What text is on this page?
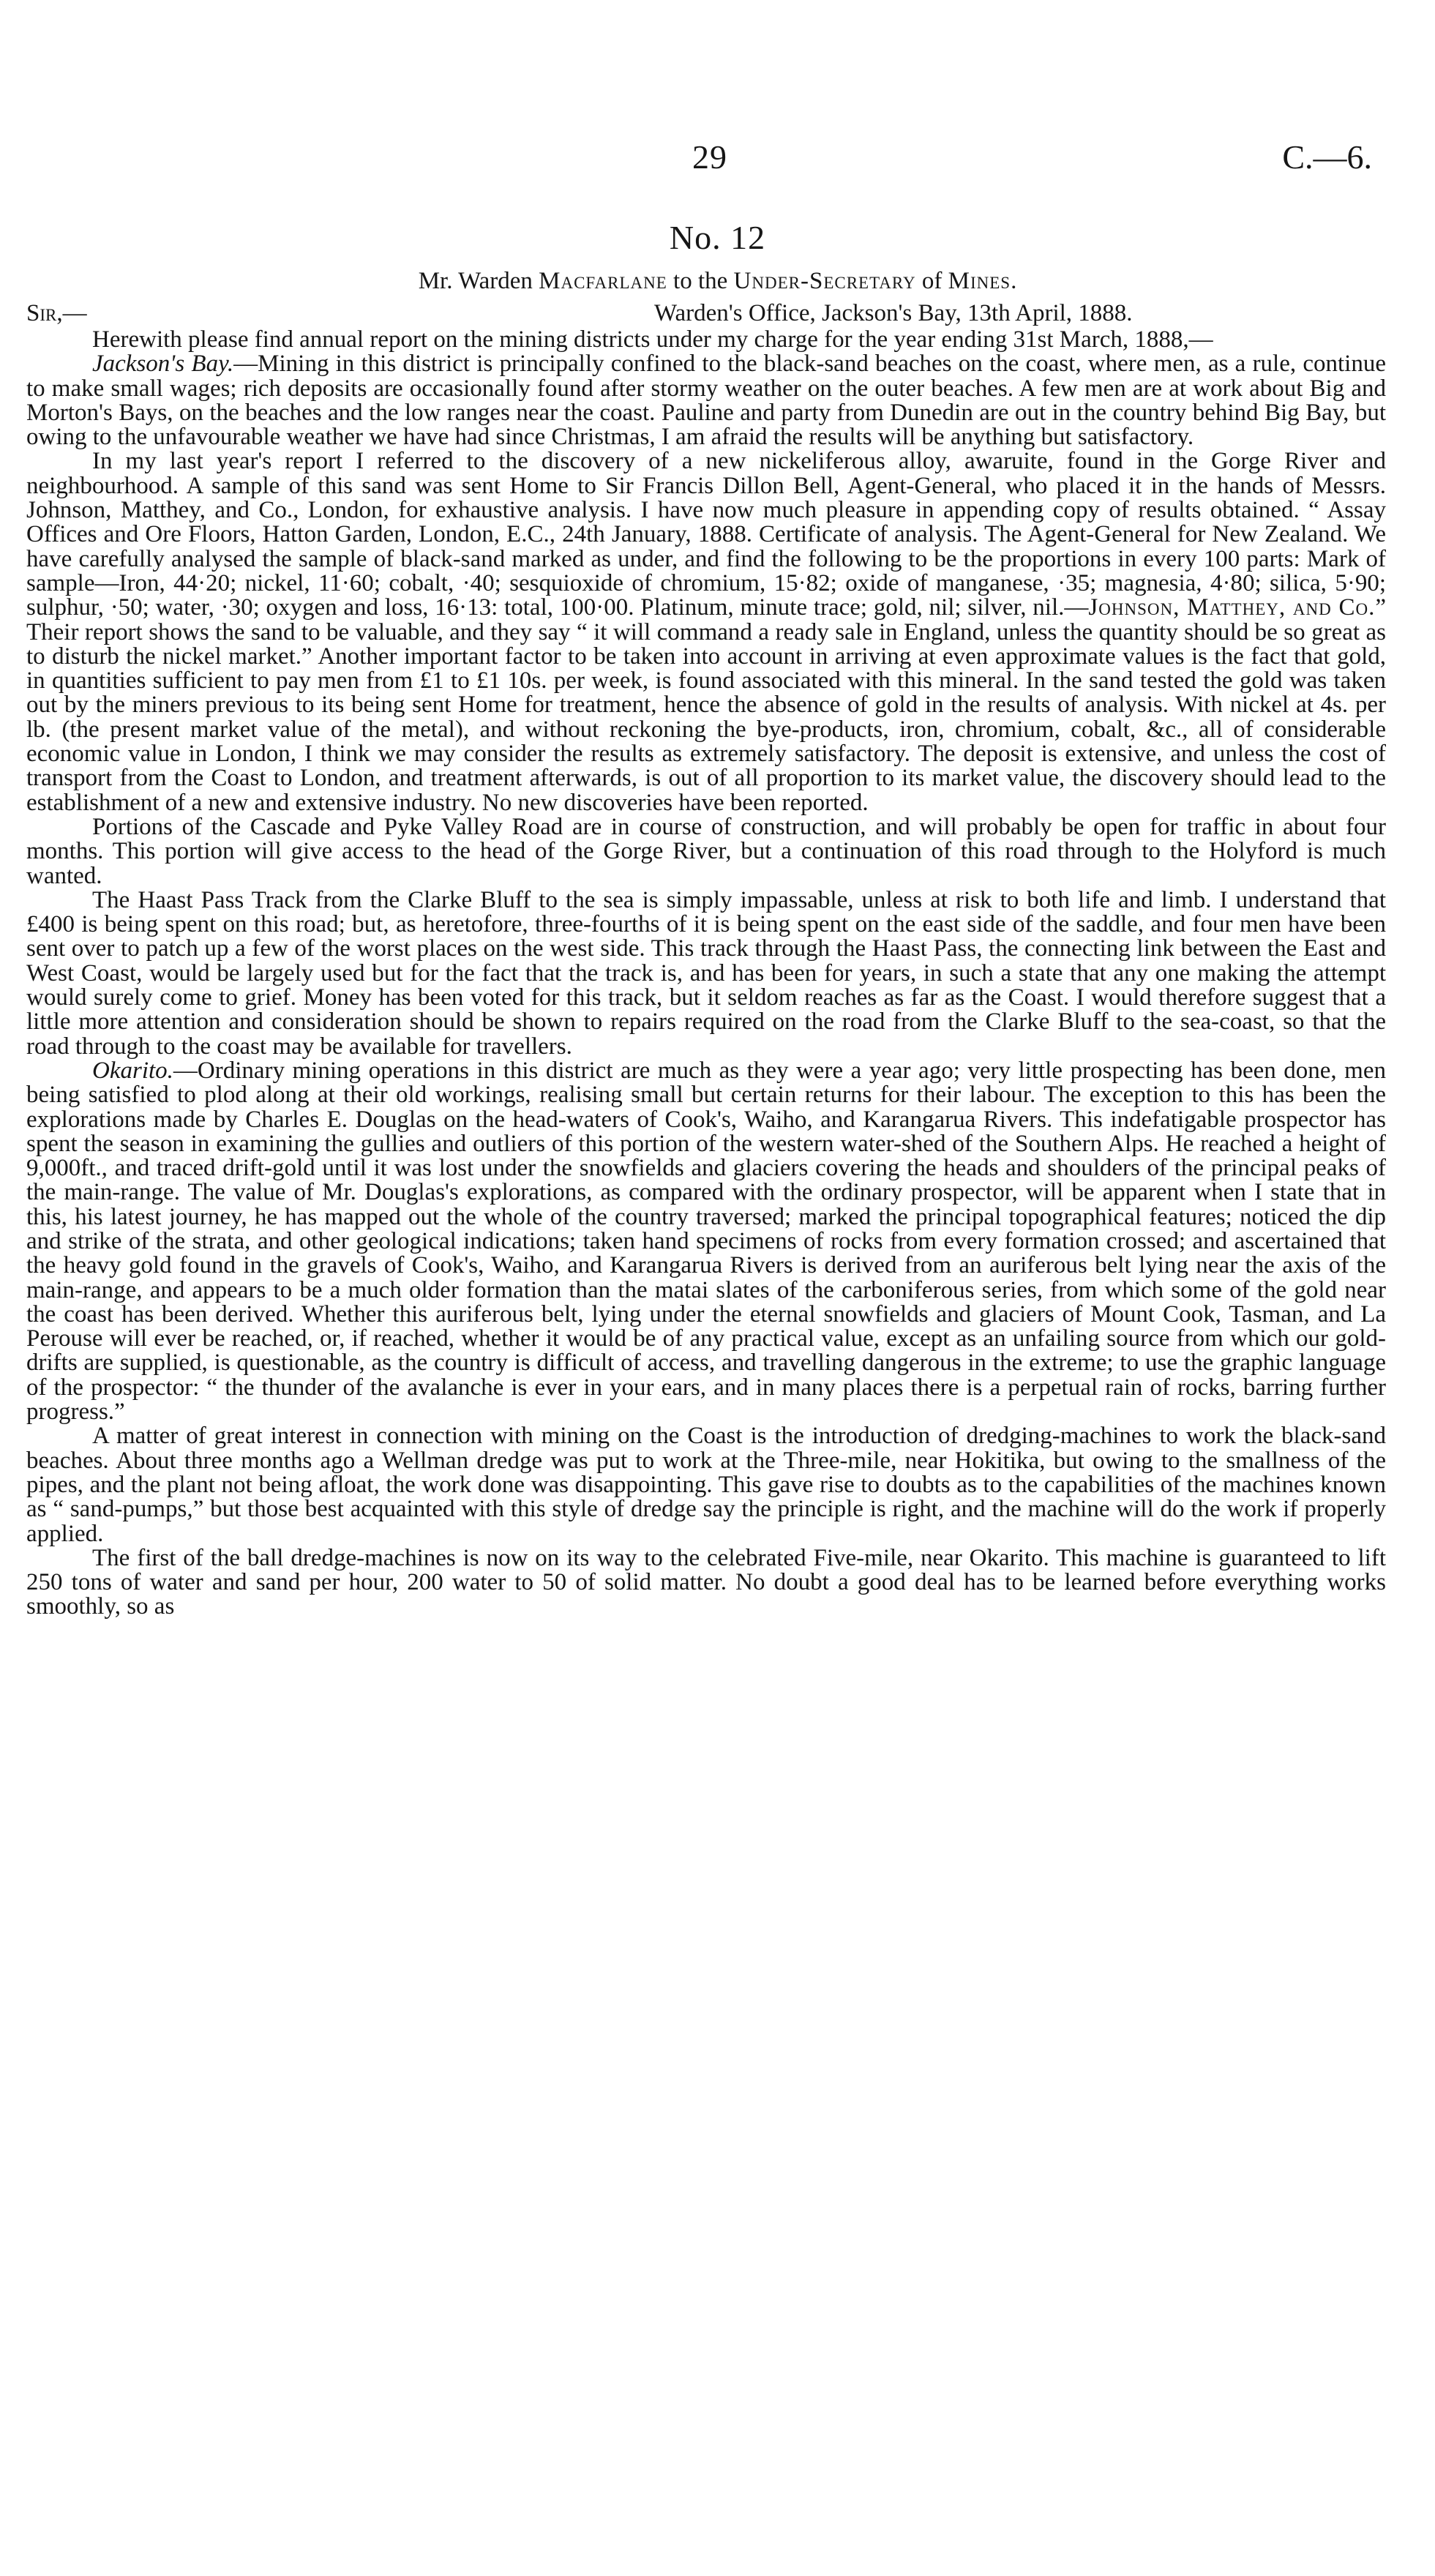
29	C.—6.
No. 12
Mr. Warden Macfarlane to the Under-Secretary of Mines.
Sir,—	Warden's Office, Jackson's Bay, 13th April, 1888.

Herewith please find annual report on the mining districts under my charge for the year ending 31st March, 1888,—

Jackson's Bay.—Mining in this district is principally confined to the black-sand beaches on the coast, where men, as a rule, continue to make small wages; rich deposits are occasionally found after stormy weather on the outer beaches. A few men are at work about Big and Morton's Bays, on the beaches and the low ranges near the coast. Pauline and party from Dunedin are out in the country behind Big Bay, but owing to the unfavourable weather we have had since Christmas, I am afraid the results will be anything but satisfactory.

In my last year's report I referred to the discovery of a new nickeliferous alloy, awaruite, found in the Gorge River and neighbourhood. A sample of this sand was sent Home to Sir Francis Dillon Bell, Agent-General, who placed it in the hands of Messrs. Johnson, Matthey, and Co., London, for exhaustive analysis. I have now much pleasure in appending copy of results obtained. “ Assay Offices and Ore Floors, Hatton Garden, London, E.C., 24th January, 1888. Certificate of analysis. The Agent-General for New Zealand. We have carefully analysed the sample of black-sand marked as under, and find the following to be the proportions in every 100 parts: Mark of sample—Iron, 44·20; nickel, 11·60; cobalt, ·40; sesquioxide of chromium, 15·82; oxide of manganese, ·35; magnesia, 4·80; silica, 5·90; sulphur, ·50; water, ·30; oxygen and loss, 16·13: total, 100·00. Platinum, minute trace; gold, nil; silver, nil.—Johnson, Matthey, and Co.” Their report shows the sand to be valuable, and they say “ it will command a ready sale in England, unless the quantity should be so great as to disturb the nickel market.” Another important factor to be taken into account in arriving at even approximate values is the fact that gold, in quantities sufficient to pay men from £1 to £1 10s. per week, is found associated with this mineral. In the sand tested the gold was taken out by the miners previous to its being sent Home for treatment, hence the absence of gold in the results of analysis. With nickel at 4s. per lb. (the present market value of the metal), and without reckoning the bye-products, iron, chromium, cobalt, &c., all of considerable economic value in London, I think we may consider the results as extremely satisfactory. The deposit is extensive, and unless the cost of transport from the Coast to London, and treatment afterwards, is out of all proportion to its market value, the discovery should lead to the establishment of a new and extensive industry. No new discoveries have been reported.

Portions of the Cascade and Pyke Valley Road are in course of construction, and will probably be open for traffic in about four months. This portion will give access to the head of the Gorge River, but a continuation of this road through to the Holyford is much wanted.

The Haast Pass Track from the Clarke Bluff to the sea is simply impassable, unless at risk to both life and limb. I understand that £400 is being spent on this road; but, as heretofore, three-fourths of it is being spent on the east side of the saddle, and four men have been sent over to patch up a few of the worst places on the west side. This track through the Haast Pass, the connecting link between the East and West Coast, would be largely used but for the fact that the track is, and has been for years, in such a state that any one making the attempt would surely come to grief. Money has been voted for this track, but it seldom reaches as far as the Coast. I would therefore suggest that a little more attention and consideration should be shown to repairs required on the road from the Clarke Bluff to the sea-coast, so that the road through to the coast may be available for travellers.

Okarito.—Ordinary mining operations in this district are much as they were a year ago; very little prospecting has been done, men being satisfied to plod along at their old workings, realising small but certain returns for their labour. The exception to this has been the explorations made by Charles E. Douglas on the head-waters of Cook's, Waiho, and Karangarua Rivers. This indefatigable prospector has spent the season in examining the gullies and outliers of this portion of the western water-shed of the Southern Alps. He reached a height of 9,000ft., and traced drift-gold until it was lost under the snowfields and glaciers covering the heads and shoulders of the principal peaks of the main-range. The value of Mr. Douglas's explorations, as compared with the ordinary prospector, will be apparent when I state that in this, his latest journey, he has mapped out the whole of the country traversed; marked the principal topographical features; noticed the dip and strike of the strata, and other geological indications; taken hand specimens of rocks from every formation crossed; and ascertained that the heavy gold found in the gravels of Cook's, Waiho, and Karangarua Rivers is derived from an auriferous belt lying near the axis of the main-range, and appears to be a much older formation than the matai slates of the carboniferous series, from which some of the gold near the coast has been derived. Whether this auriferous belt, lying under the eternal snowfields and glaciers of Mount Cook, Tasman, and La Perouse will ever be reached, or, if reached, whether it would be of any practical value, except as an unfailing source from which our gold-drifts are supplied, is questionable, as the country is difficult of access, and travelling dangerous in the extreme; to use the graphic language of the prospector: “ the thunder of the avalanche is ever in your ears, and in many places there is a perpetual rain of rocks, barring further progress.”

A matter of great interest in connection with mining on the Coast is the introduction of dredging-machines to work the black-sand beaches. About three months ago a Wellman dredge was put to work at the Three-mile, near Hokitika, but owing to the smallness of the pipes, and the plant not being afloat, the work done was disappointing. This gave rise to doubts as to the capabilities of the machines known as “ sand-pumps,” but those best acquainted with this style of dredge say the principle is right, and the machine will do the work if properly applied.

The first of the ball dredge-machines is now on its way to the celebrated Five-mile, near Okarito. This machine is guaranteed to lift 250 tons of water and sand per hour, 200 water to 50 of solid matter. No doubt a good deal has to be learned before everything works smoothly, so as
